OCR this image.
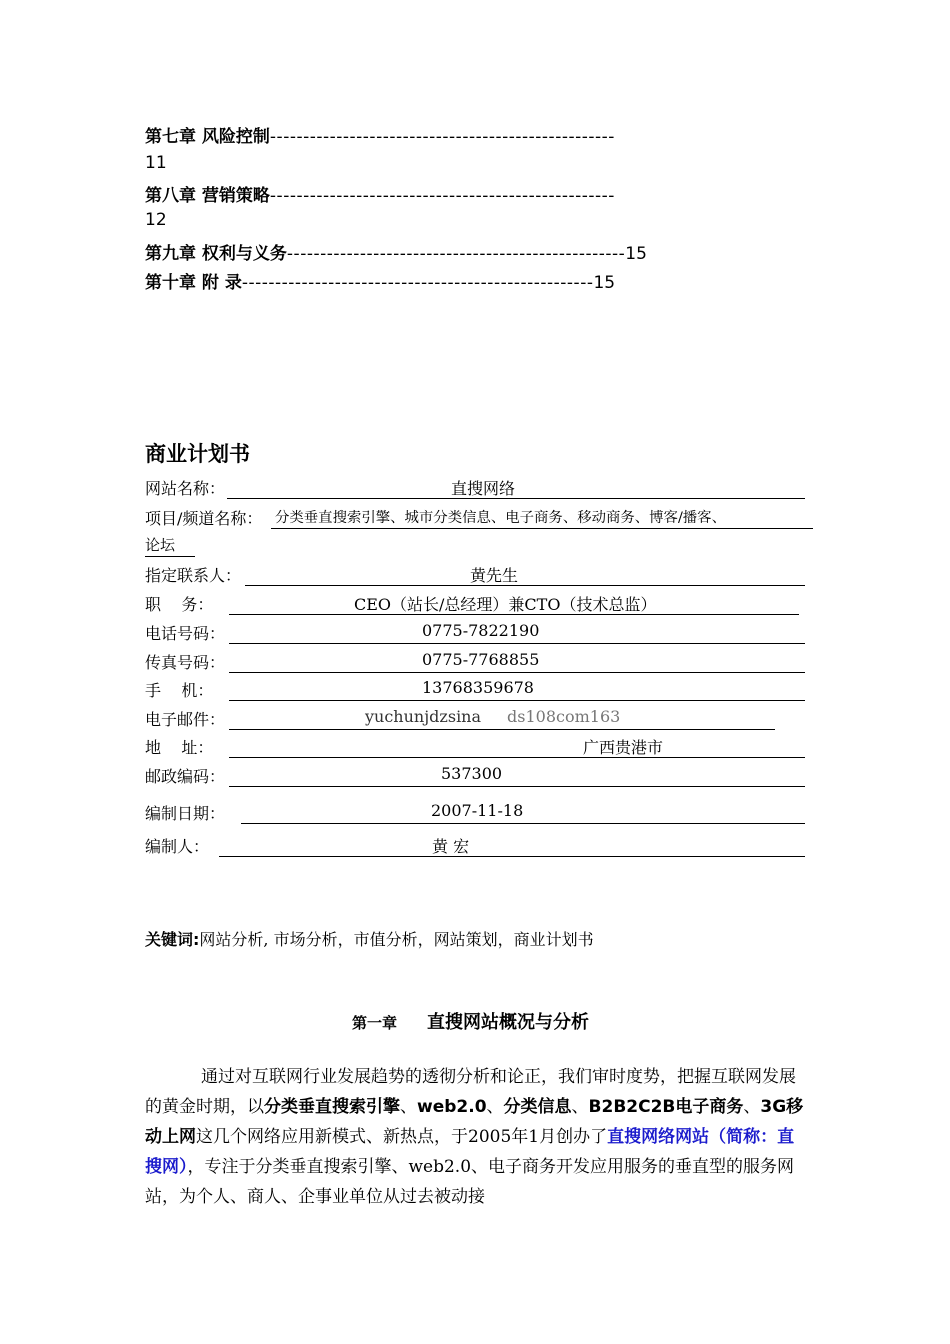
第七章 风险控制----------------------------------------------------
11
第八章 营销策略----------------------------------------------------
12
第九章 权利与义务---------------------------------------------------15
第十章 附 录-----------------------------------------------------15
商业计划书
网站名称：	直搜网络
项目/频道名称： 分类垂直搜索引擎、城市分类信息、电子商务、移动商务、博客/播客、
论坛
指定联系人：	黄先生
职    务：	CEO（站长/总经理）兼CTO（技术总监）
电话号码：	0775-7822190
传真号码：	0775-7768855
手    机：	13768359678
电子邮件：	yuchunjdzsina ds108com163
地    址：	广西贵港市
邮政编码：	537300
编制日期：	2007-11-18
编制人：	黄 宏
关键词:网站分析, 市场分析，市值分析，网站策划，商业计划书
第一章 直搜网站概况与分析
通过对互联网行业发展趋势的透彻分析和论正，我们审时度势，把握互联网发展的黄金时期，以分类垂直搜索引擎、web2.0、分类信息、B2B2C2B电子商务、3G移动上网这几个网络应用新模式、新热点，于2005年1月创办了直搜网络网站（简称：直搜网），专注于分类垂直搜索引擎、web2.0、电子商务开发应用服务的垂直型的服务网站，为个人、商人、企事业单位从过去被动接
